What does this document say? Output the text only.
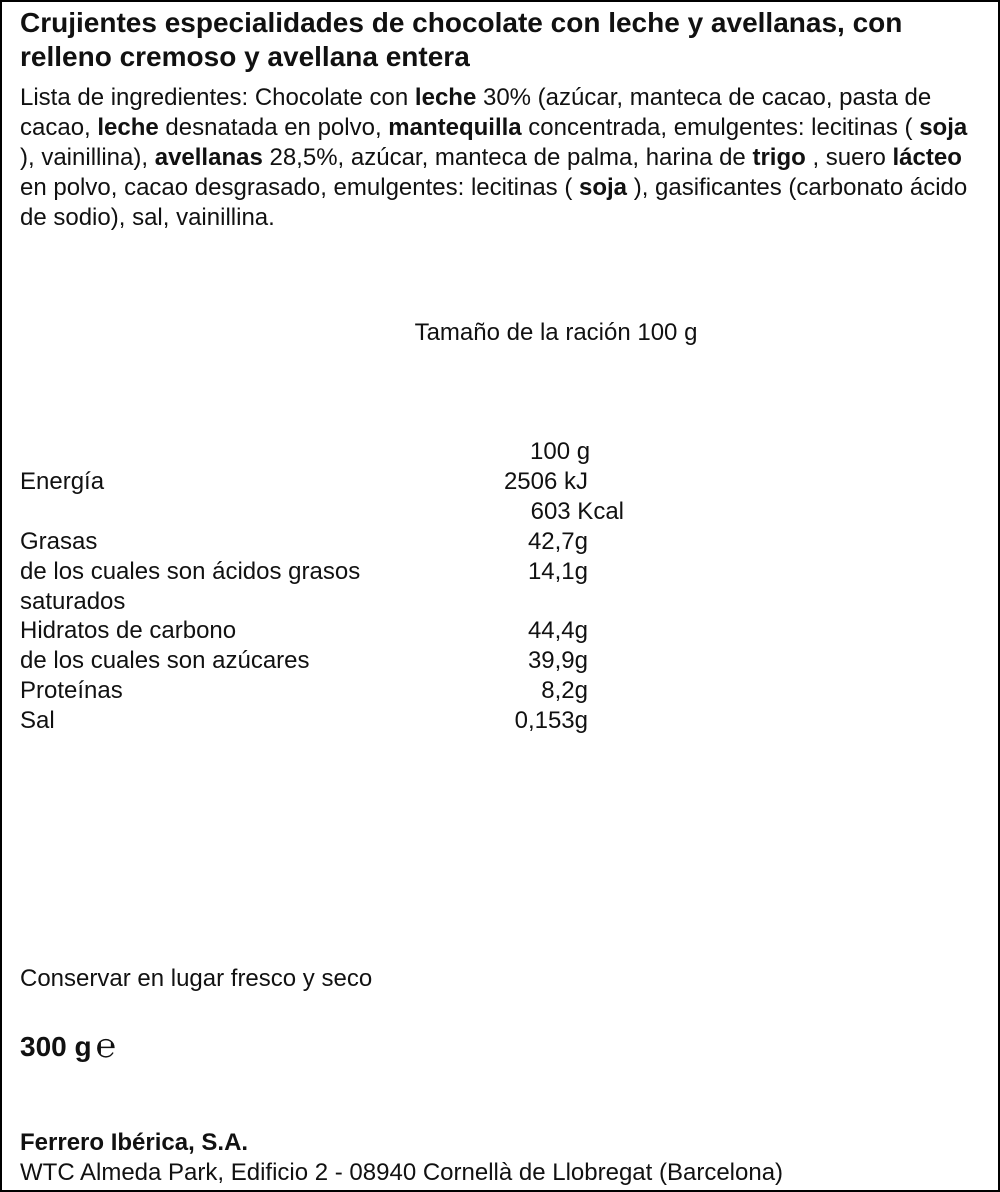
Crujientes especialidades de chocolate con leche y avellanas, con relleno cremoso y avellana entera

Lista de ingredientes: Chocolate con leche 30% (azúcar, manteca de cacao, pasta de cacao, leche desnatada en polvo, mantequilla concentrada, emulgentes: lecitinas ( soja ), vainillina), avellanas 28,5%, azúcar, manteca de palma, harina de trigo , suero lácteo en polvo, cacao desgrasado, emulgentes: lecitinas ( soja ), gasificantes (carbonato ácido de sodio), sal, vainillina.

Tamaño de la ración 100 g
100 g
Energía	2506 kJ
603 Kcal
Grasas	42,7g
de los cuales son ácidos grasos	14,1g
saturados
Hidratos de carbono	44,4g
de los cuales son azúcares	39,9g
Proteínas	8,2g
Sal	0,153g
Conservar en lugar fresco y seco
300 g ℮
Ferrero Ibérica, S.A.
WTC Almeda Park, Edificio 2 - 08940 Cornellà de Llobregat (Barcelona)
